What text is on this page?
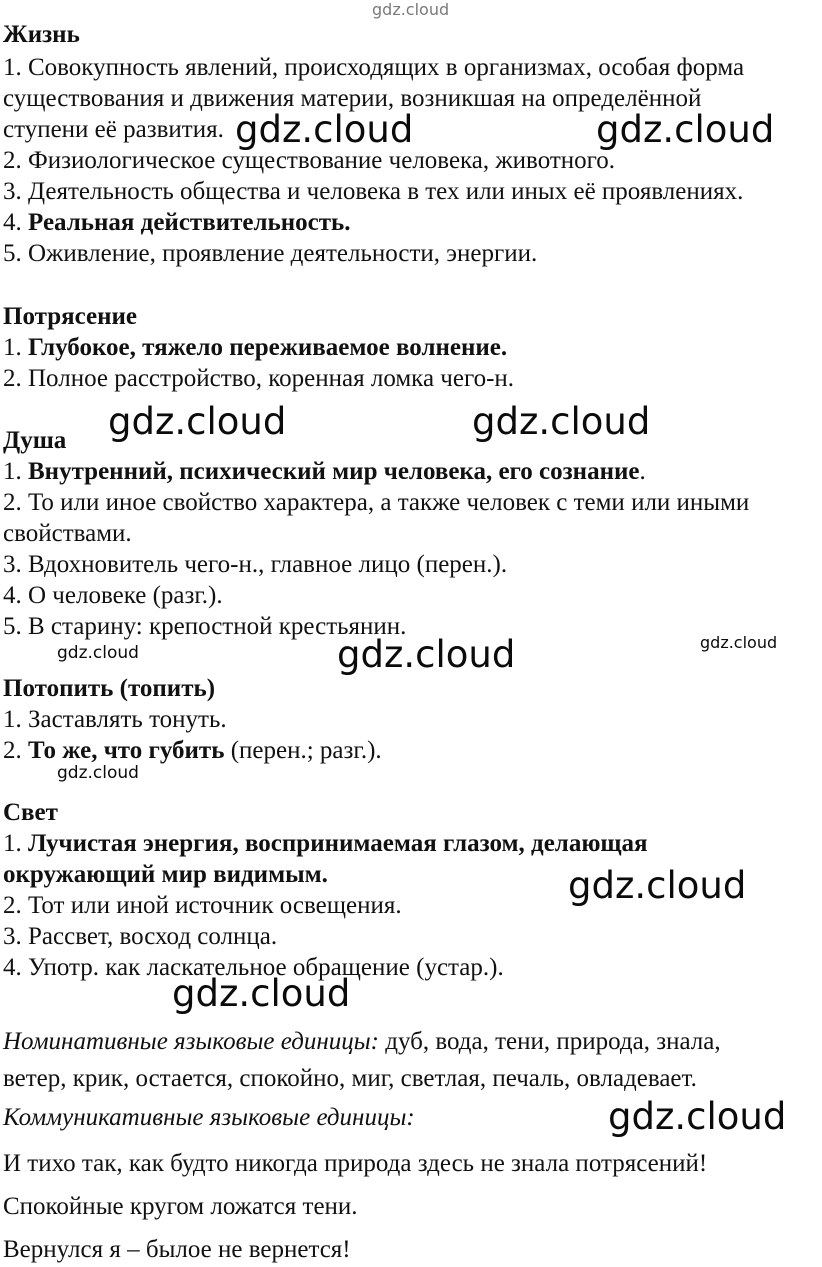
gdz.cloud
gdz.cloud	gdz.cloud
gdz.cloud	gdz.cloud
gdz.cloud	gdz.cloud	gdz.cloud
gdz.cloud
gdz.cloud
gdz.cloud
gdz.cloud
Жизнь
1. Совокупность явлений, происходящих в организмах, особая форма
существования и движения материи, возникшая на определённой
ступени её развития.
2. Физиологическое существование человека, животного.
3. Деятельность общества и человека в тех или иных её проявлениях.
4. Реальная действительность.
5. Оживление, проявление деятельности, энергии.
Потрясение
1. Глубокое, тяжело переживаемое волнение.
2. Полное расстройство, коренная ломка чего-н.
Душа
1. Внутренний, психический мир человека, его сознание.
2. То или иное свойство характера, а также человек с теми или иными
свойствами.
3. Вдохновитель чего-н., главное лицо (перен.).
4. О человеке (разг.).
5. В старину: крепостной крестьянин.
Потопить (топить)
1. Заставлять тонуть.
2. То же, что губить (перен.; разг.).
Свет
1. Лучистая энергия, воспринимаемая глазом, делающая
окружающий мир видимым.
2. Тот или иной источник освещения.
3. Рассвет, восход солнца.
4. Употр. как ласкательное обращение (устар.).
Номинативные языковые единицы: дуб, вода, тени, природа, знала,
ветер, крик, остается, спокойно, миг, светлая, печаль, овладевает.
Коммуникативные языковые единицы:
И тихо так, как будто никогда природа здесь не знала потрясений!
Спокойные кругом ложатся тени.
Вернулся я – былое не вернется!
